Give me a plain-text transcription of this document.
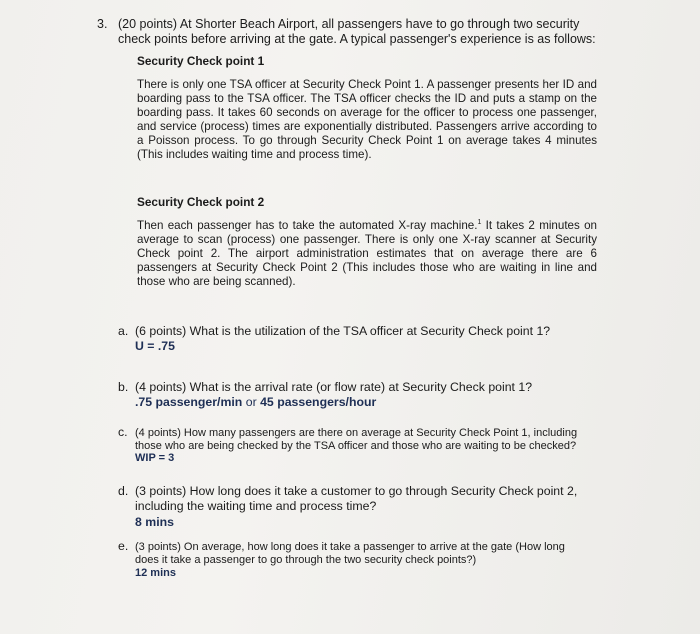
3. (20 points) At Shorter Beach Airport, all passengers have to go through two security check points before arriving at the gate. A typical passenger's experience is as follows:
Security Check point 1
There is only one TSA officer at Security Check Point 1. A passenger presents her ID and boarding pass to the TSA officer. The TSA officer checks the ID and puts a stamp on the boarding pass. It takes 60 seconds on average for the officer to process one passenger, and service (process) times are exponentially distributed. Passengers arrive according to a Poisson process. To go through Security Check Point 1 on average takes 4 minutes (This includes waiting time and process time).
Security Check point 2
Then each passenger has to take the automated X-ray machine.$^1$ It takes 2 minutes on average to scan (process) one passenger. There is only one X-ray scanner at Security Check point 2. The airport administration estimates that on average there are 6 passengers at Security Check Point 2 (This includes those who are waiting in line and those who are being scanned).
a. (6 points) What is the utilization of the TSA officer at Security Check point 1?
U = .75
b. (4 points) What is the arrival rate (or flow rate) at Security Check point 1?
.75 passenger/min or 45 passengers/hour
c. (4 points) How many passengers are there on average at Security Check Point 1, including those who are being checked by the TSA officer and those who are waiting to be checked?
WIP = 3
d. (3 points) How long does it take a customer to go through Security Check point 2, including the waiting time and process time?
8 mins
e. (3 points) On average, how long does it take a passenger to arrive at the gate (How long does it take a passenger to go through the two security check points?)
12 mins
